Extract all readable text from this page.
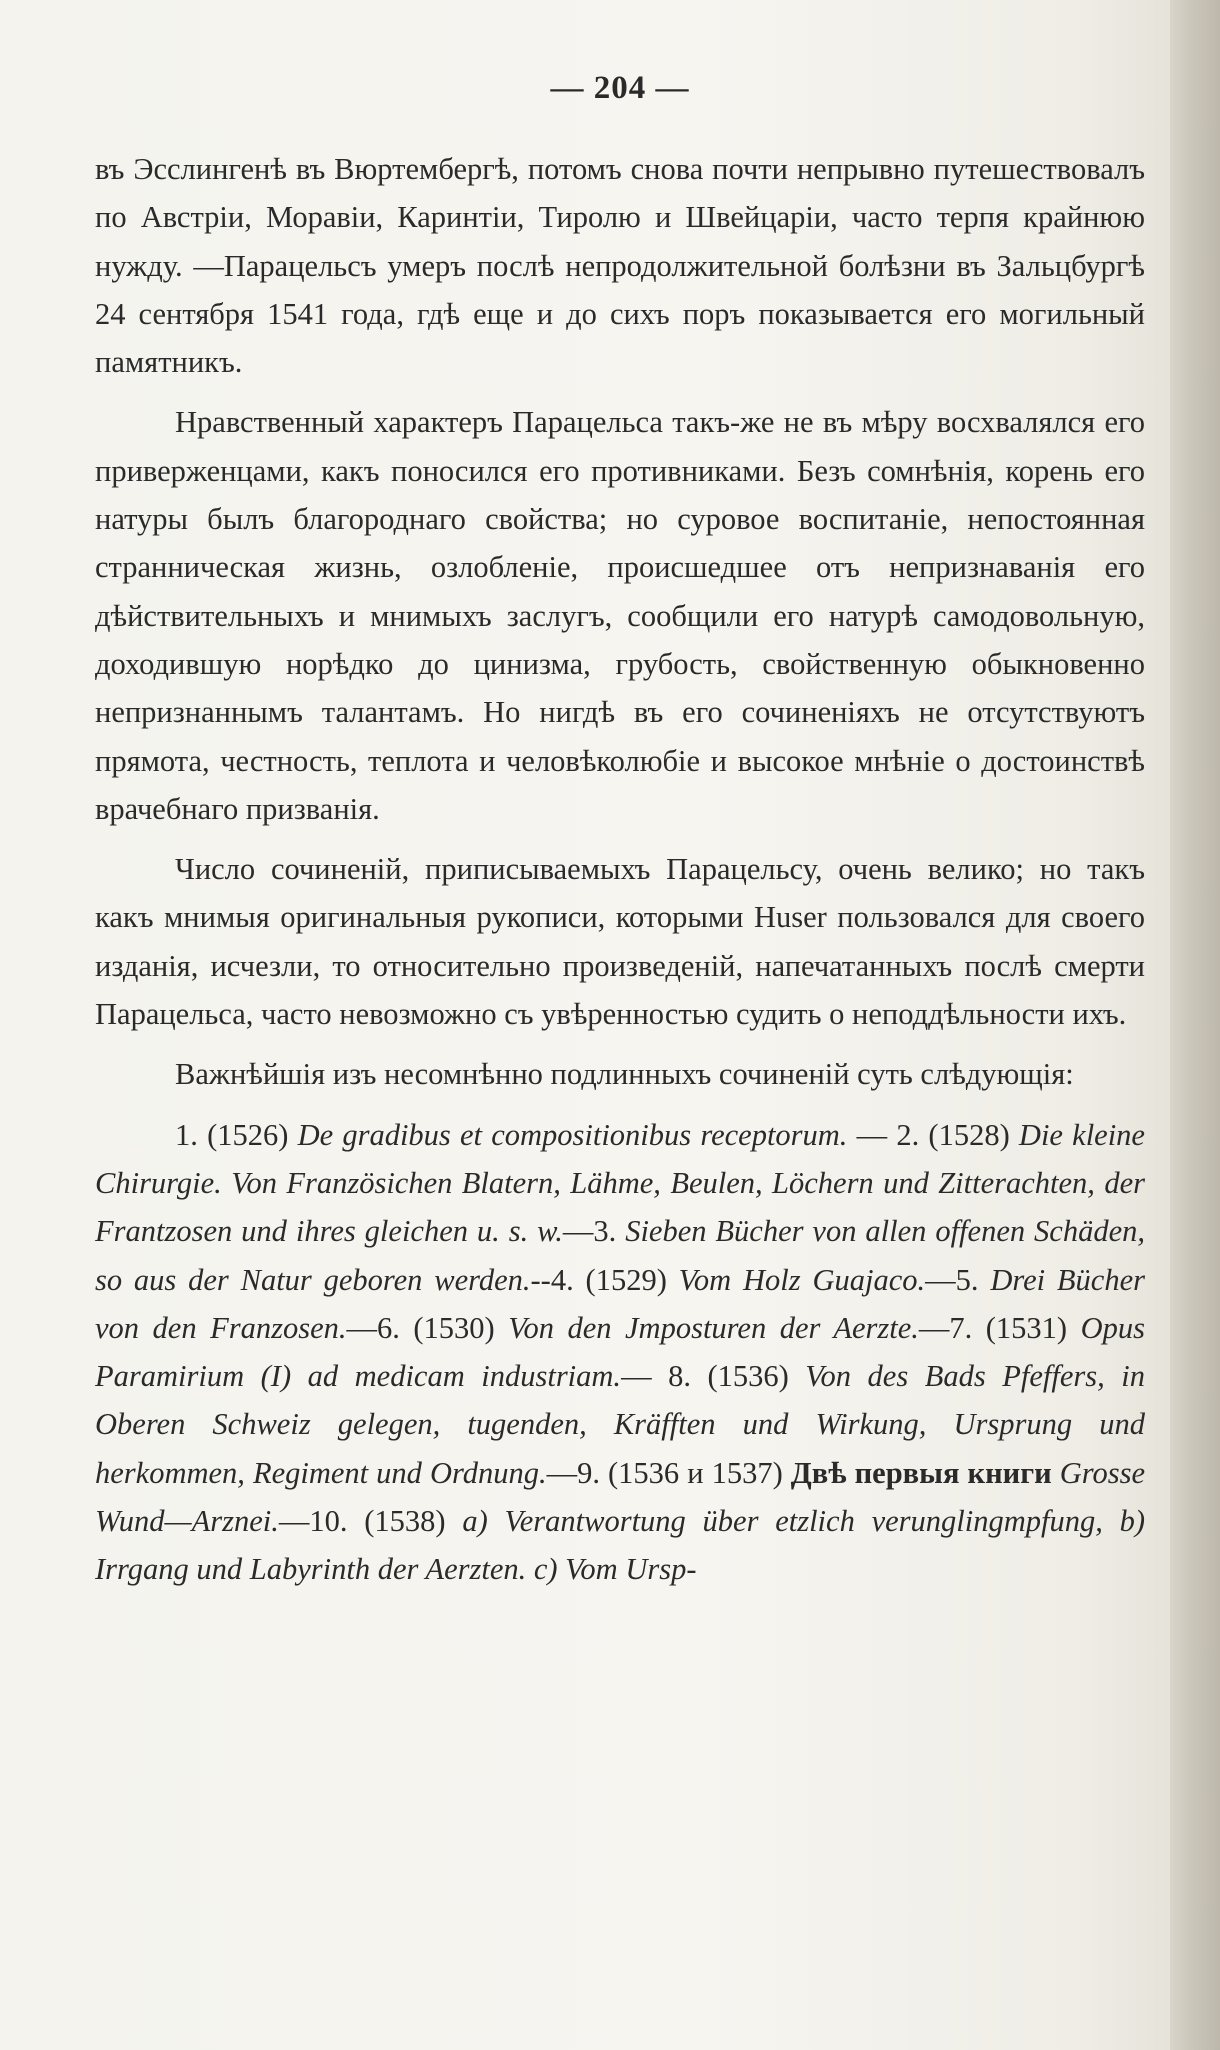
— 204 —

въ Эсслингенѣ въ Вюртембергѣ, потомъ снова почти непрывно путешествовалъ по Австріи, Моравіи, Каринтіи, Тиролю и Швейцаріи, часто терпя крайнюю нужду. —Парацельсъ умеръ послѣ непродолжительной болѣзни въ Зальцбургѣ 24 сентября 1541 года, гдѣ еще и до сихъ поръ показывается его могильный памятникъ.

Нравственный характеръ Парацельса такъ-же не въ мѣру восхвалялся его приверженцами, какъ поносился его противниками. Безъ сомнѣнія, корень его натуры былъ благороднаго свойства; но суровое воспитаніе, непостоянная странническая жизнь, озлобленіе, происшедшее отъ непризнаванія его дѣйствительныхъ и мнимыхъ заслугъ, сообщили его натурѣ самодовольную, доходившую норѣдко до цинизма, грубость, свойственную обыкновенно непризнаннымъ талантамъ. Но нигдѣ въ его сочиненіяхъ не отсутствуютъ прямота, честность, теплота и человѣколюбіе и высокое мнѣніе о достоинствѣ врачебнаго призванія.

Число сочиненій, приписываемыхъ Парацельсу, очень велико; но такъ какъ мнимыя оригинальныя рукописи, которыми Huser пользовался для своего изданія, исчезли, то относительно произведеній, напечатанныхъ послѣ смерти Парацельса, часто невозможно съ увѣренностью судить о неподдѣльности ихъ.

Важнѣйшія изъ несомнѣнно подлинныхъ сочиненій суть слѣдующія:

1. (1526) De gradibus et compositionibus receptorum. — 2. (1528) Die kleine Chirurgie. Von Französichen Blatern, Lähme, Beulen, Löchern und Zitterachten, der Frantzosen und ihres gleichen u. s. w.—3. Sieben Bücher von allen offenen Schäden, so aus der Natur geboren werden.--4. (1529) Vom Holz Guajaco.—5. Drei Bücher von den Franzosen.—6. (1530) Von den Jmposturen der Aerzte.—7. (1531) Opus Paramirium (I) ad medicam industriam.— 8. (1536) Von des Bads Pfeffers, in Oberen Schweiz gelegen, tugenden, Kräfften und Wirkung, Ursprung und herkommen, Regiment und Ordnung.—9. (1536 и 1537) Двѣ первыя книги Grosse Wund—Arznei.—10. (1538) a) Verantwortung über etzlich verunglingmpfung, b) Irrgang und Labyrinth der Aerzten. c) Vom Ursp-
